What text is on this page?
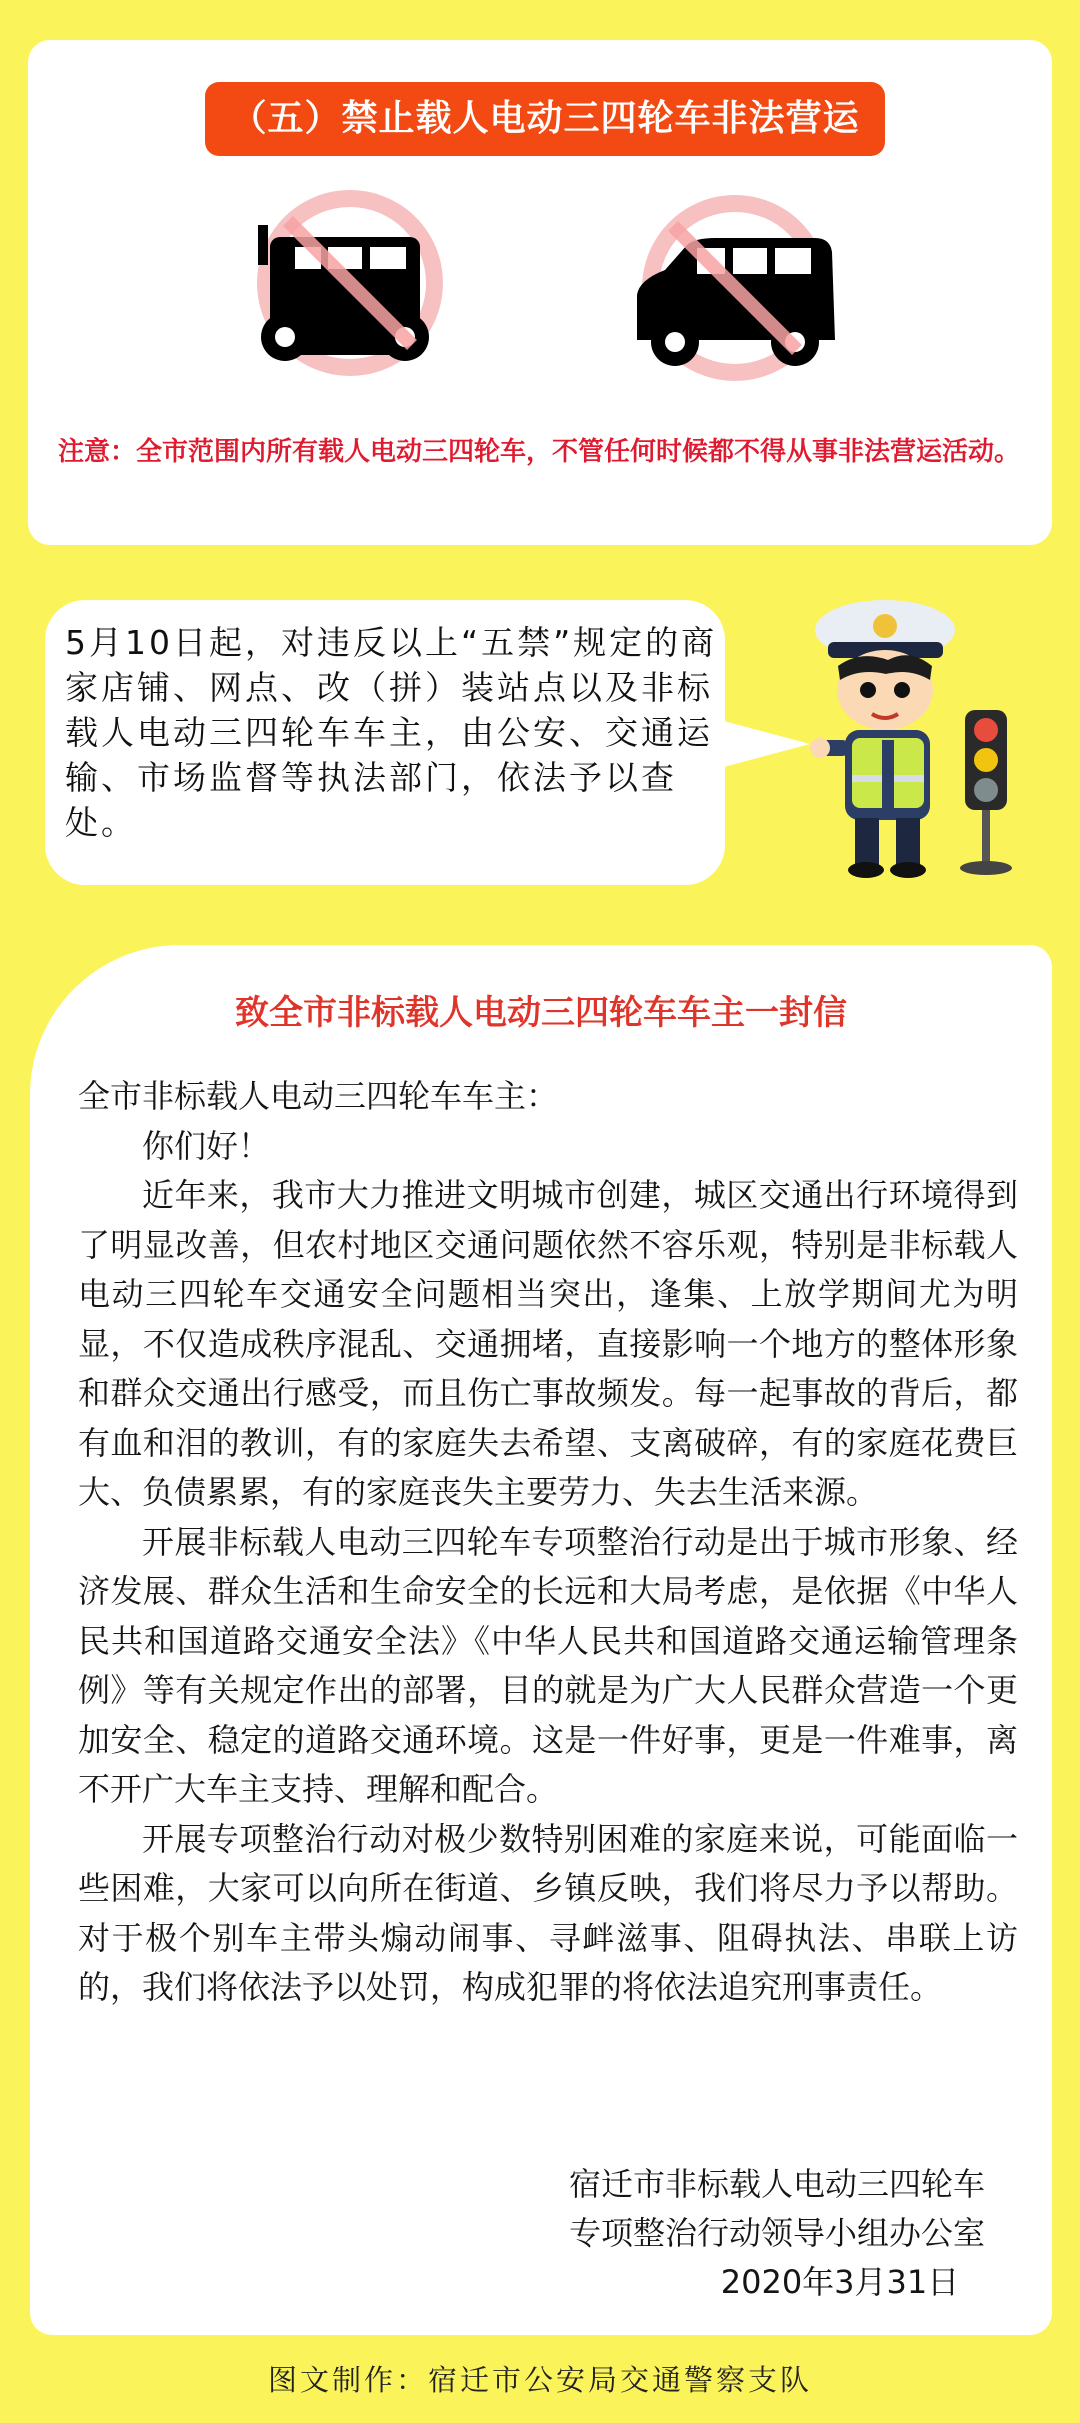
（五）禁止载人电动三四轮车非法营运
注意：全市范围内所有载人电动三四轮车，不管任何时候都不得从事非法营运活动。
5月10日起，对违反以上“五禁”规定的商家店铺、网点、改（拼）装站点以及非标载人电动三四轮车车主，由公安、交通运输、市场监督等执法部门，依法予以查处。
致全市非标载人电动三四轮车车主一封信

全市非标载人电动三四轮车车主：

你们好！

近年来，我市大力推进文明城市创建，城区交通出行环境得到了明显改善，但农村地区交通问题依然不容乐观，特别是非标载人电动三四轮车交通安全问题相当突出，逢集、上放学期间尤为明显，不仅造成秩序混乱、交通拥堵，直接影响一个地方的整体形象和群众交通出行感受，而且伤亡事故频发。每一起事故的背后，都有血和泪的教训，有的家庭失去希望、支离破碎，有的家庭花费巨大、负债累累，有的家庭丧失主要劳力、失去生活来源。

开展非标载人电动三四轮车专项整治行动是出于城市形象、经济发展、群众生活和生命安全的长远和大局考虑，是依据《中华人民共和国道路交通安全法》《中华人民共和国道路交通运输管理条例》等有关规定作出的部署，目的就是为广大人民群众营造一个更加安全、稳定的道路交通环境。这是一件好事，更是一件难事，离不开广大车主支持、理解和配合。

开展专项整治行动对极少数特别困难的家庭来说，可能面临一些困难，大家可以向所在街道、乡镇反映，我们将尽力予以帮助。对于极个别车主带头煽动闹事、寻衅滋事、阻碍执法、串联上访的，我们将依法予以处罚，构成犯罪的将依法追究刑事责任。

宿迁市非标载人电动三四轮车
专项整治行动领导小组办公室
2020年3月31日
图文制作：宿迁市公安局交通警察支队
